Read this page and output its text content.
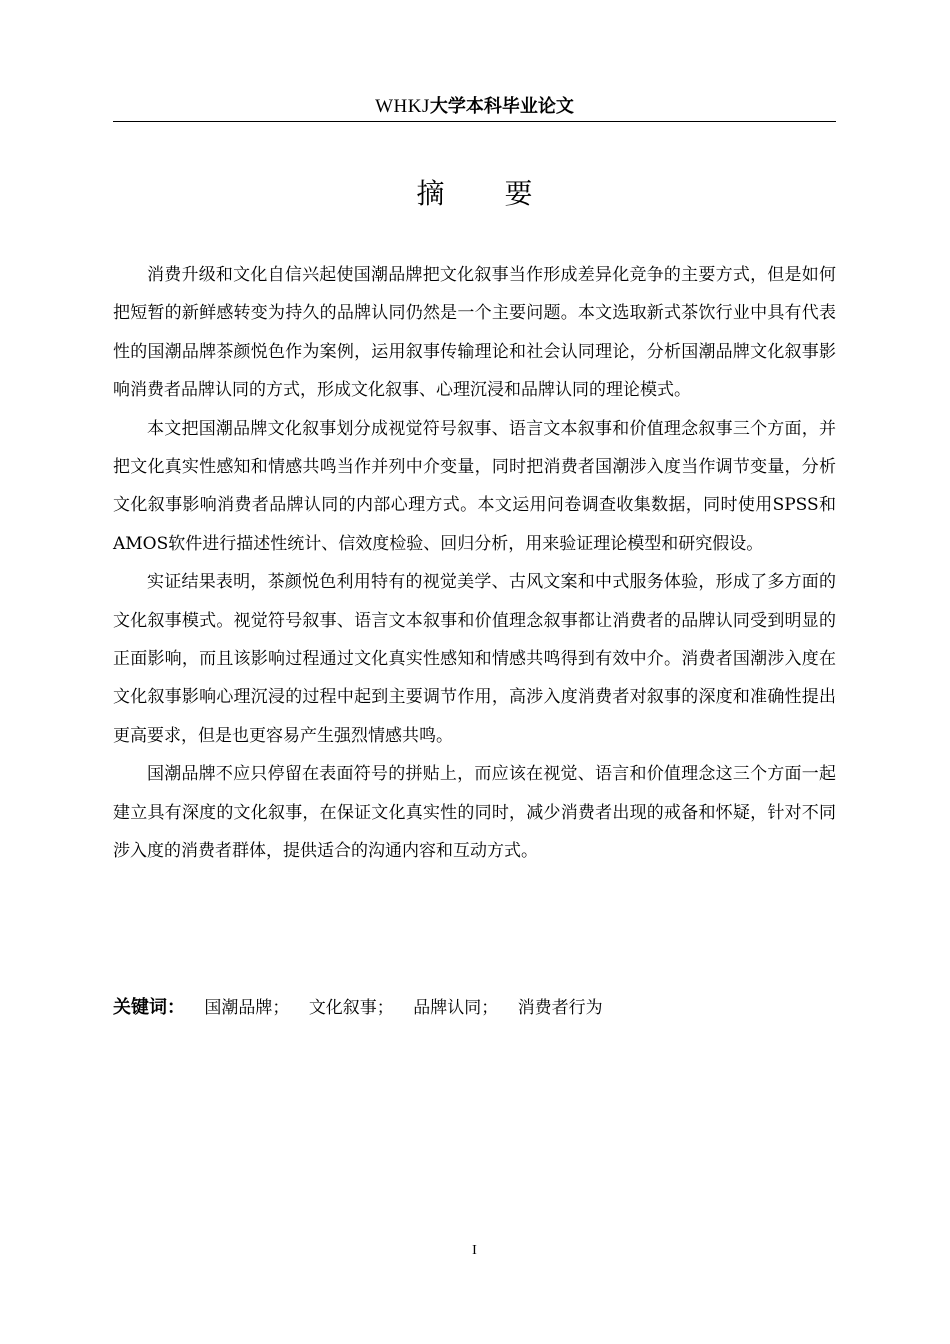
WHKJ大学本科毕业论文
摘要

消费升级和文化自信兴起使国潮品牌把文化叙事当作形成差异化竞争的主要方式，但是如何把短暂的新鲜感转变为持久的品牌认同仍然是一个主要问题。本文选取新式茶饮行业中具有代表性的国潮品牌茶颜悦色作为案例，运用叙事传输理论和社会认同理论，分析国潮品牌文化叙事影响消费者品牌认同的方式，形成文化叙事、心理沉浸和品牌认同的理论模式。

本文把国潮品牌文化叙事划分成视觉符号叙事、语言文本叙事和价值理念叙事三个方面，并把文化真实性感知和情感共鸣当作并列中介变量，同时把消费者国潮涉入度当作调节变量，分析文化叙事影响消费者品牌认同的内部心理方式。本文运用问卷调查收集数据，同时使用SPSS和AMOS软件进行描述性统计、信效度检验、回归分析，用来验证理论模型和研究假设。

实证结果表明，茶颜悦色利用特有的视觉美学、古风文案和中式服务体验，形成了多方面的文化叙事模式。视觉符号叙事、语言文本叙事和价值理念叙事都让消费者的品牌认同受到明显的正面影响，而且该影响过程通过文化真实性感知和情感共鸣得到有效中介。消费者国潮涉入度在文化叙事影响心理沉浸的过程中起到主要调节作用，高涉入度消费者对叙事的深度和准确性提出更高要求，但是也更容易产生强烈情感共鸣。

国潮品牌不应只停留在表面符号的拼贴上，而应该在视觉、语言和价值理念这三个方面一起建立具有深度的文化叙事，在保证文化真实性的同时，减少消费者出现的戒备和怀疑，针对不同涉入度的消费者群体，提供适合的沟通内容和互动方式。

关键词： 国潮品牌； 文化叙事； 品牌认同； 消费者行为
I
